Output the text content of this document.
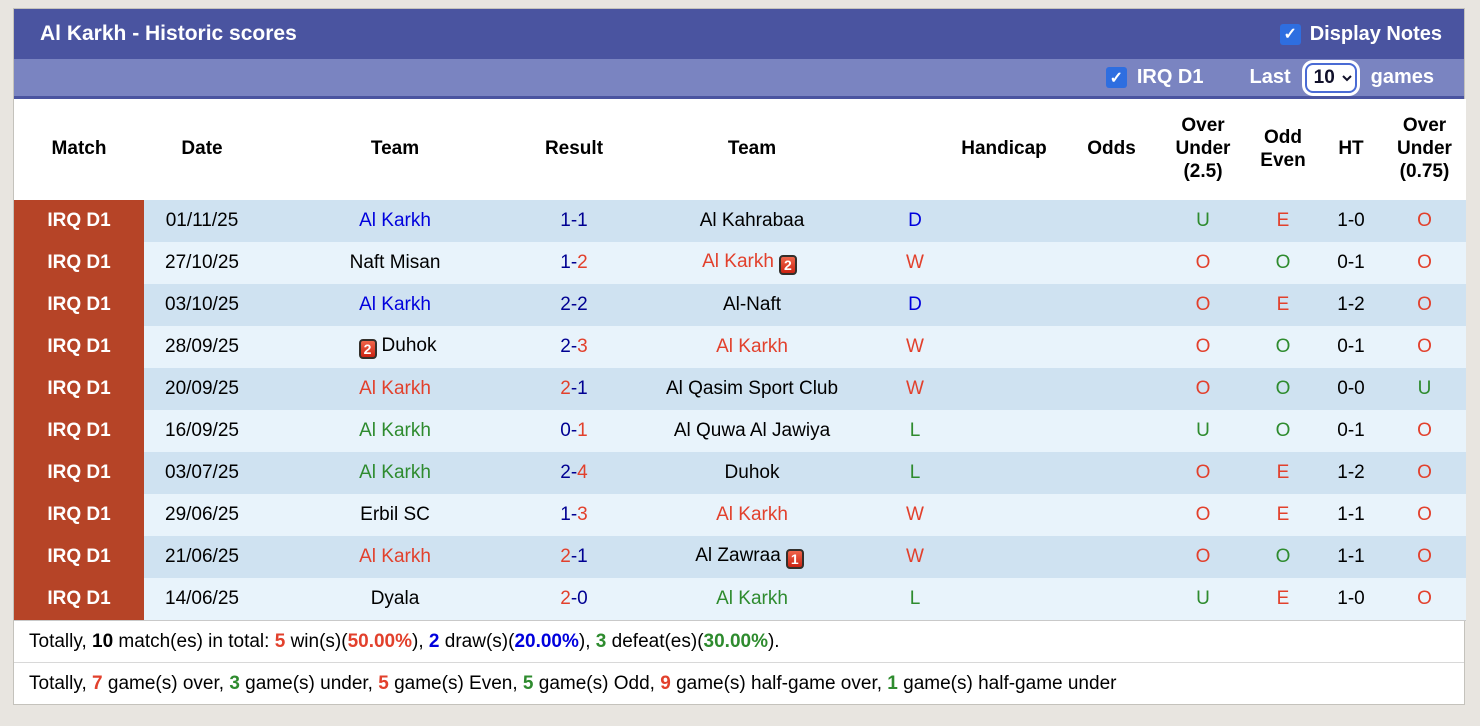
Al Karkh - Historic scores	✓ Display Notes
✓ IRQ D1 Last
10	games
Match	Date	Team	Result	Team		Handicap	Odds	Over Under (2.5)	Odd Even	HT	Over Under (0.75)
IRQ D1	01/11/25	Al Karkh	1-1	Al Kahrabaa	D			U	E	1-0	O
IRQ D1	27/10/25	Naft Misan	1-2	Al Karkh 2	W			O	O	0-1	O
IRQ D1	03/10/25	Al Karkh	2-2	Al-Naft	D			O	E	1-2	O
IRQ D1	28/09/25	2 Duhok	2-3	Al Karkh	W			O	O	0-1	O
IRQ D1	20/09/25	Al Karkh	2-1	Al Qasim Sport Club	W			O	O	0-0	U
IRQ D1	16/09/25	Al Karkh	0-1	Al Quwa Al Jawiya	L			U	O	0-1	O
IRQ D1	03/07/25	Al Karkh	2-4	Duhok	L			O	E	1-2	O
IRQ D1	29/06/25	Erbil SC	1-3	Al Karkh	W			O	E	1-1	O
IRQ D1	21/06/25	Al Karkh	2-1	Al Zawraa 1	W			O	O	1-1	O
IRQ D1	14/06/25	Dyala	2-0	Al Karkh	L			U	E	1-0	O
Totally, 10 match(es) in total: 5 win(s)(50.00%), 2 draw(s)(20.00%), 3 defeat(es)(30.00%).
Totally, 7 game(s) over, 3 game(s) under, 5 game(s) Even, 5 game(s) Odd, 9 game(s) half-game over, 1 game(s) half-game under
